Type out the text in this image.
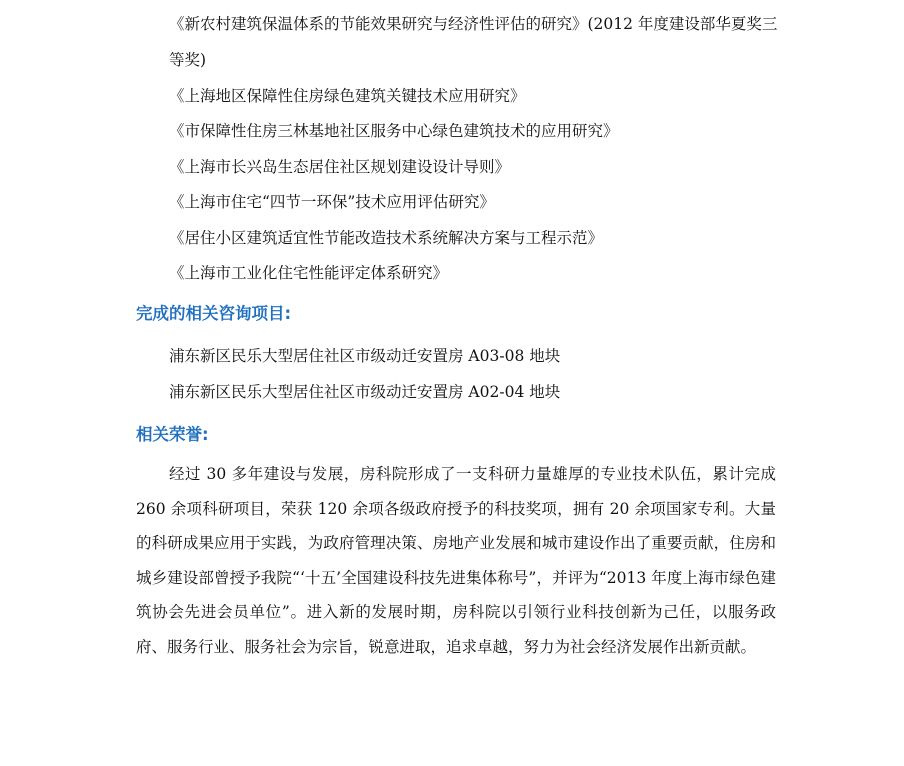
《新农村建筑保温体系的节能效果研究与经济性评估的研究》(2012 年度建设部华夏奖三等奖)
《上海地区保障性住房绿色建筑关键技术应用研究》
《市保障性住房三林基地社区服务中心绿色建筑技术的应用研究》
《上海市长兴岛生态居住社区规划建设设计导则》
《上海市住宅“四节一环保”技术应用评估研究》
《居住小区建筑适宜性节能改造技术系统解决方案与工程示范》
《上海市工业化住宅性能评定体系研究》
完成的相关咨询项目:
浦东新区民乐大型居住社区市级动迁安置房 A03-08 地块
浦东新区民乐大型居住社区市级动迁安置房 A02-04 地块
相关荣誉:
经过 30 多年建设与发展，房科院形成了一支科研力量雄厚的专业技术队伍，累计完成 260 余项科研项目，荣获 120 余项各级政府授予的科技奖项，拥有 20 余项国家专利。大量的科研成果应用于实践，为政府管理决策、房地产业发展和城市建设作出了重要贡献，住房和城乡建设部曾授予我院“‘十五’全国建设科技先进集体称号”，并评为“2013 年度上海市绿色建筑协会先进会员单位”。进入新的发展时期，房科院以引领行业科技创新为己任，以服务政府、服务行业、服务社会为宗旨，锐意进取，追求卓越，努力为社会经济发展作出新贡献。
